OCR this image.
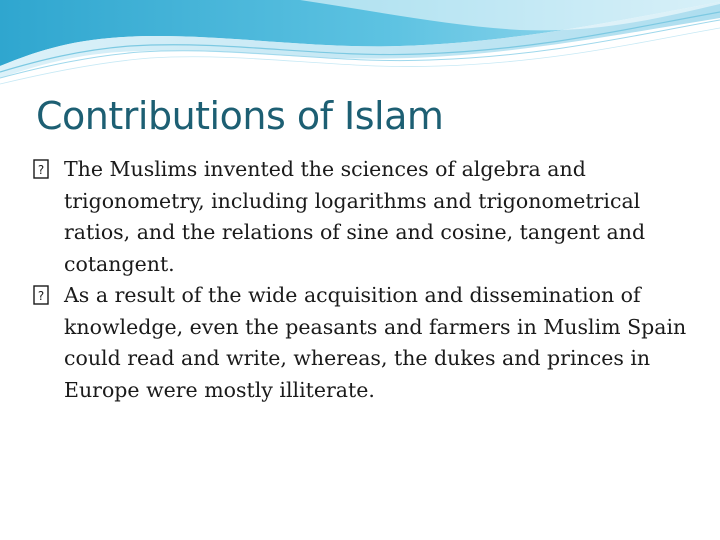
Contributions of Islam
? The Muslims invented the sciences of algebra and trigonometry, including logarithms and trigonometrical ratios, and the relations of sine and cosine, tangent and cotangent.
? As a result of the wide acquisition and dissemination of knowledge, even the peasants and farmers in Muslim Spain could read and write, whereas, the dukes and princes in Europe were mostly illiterate.
